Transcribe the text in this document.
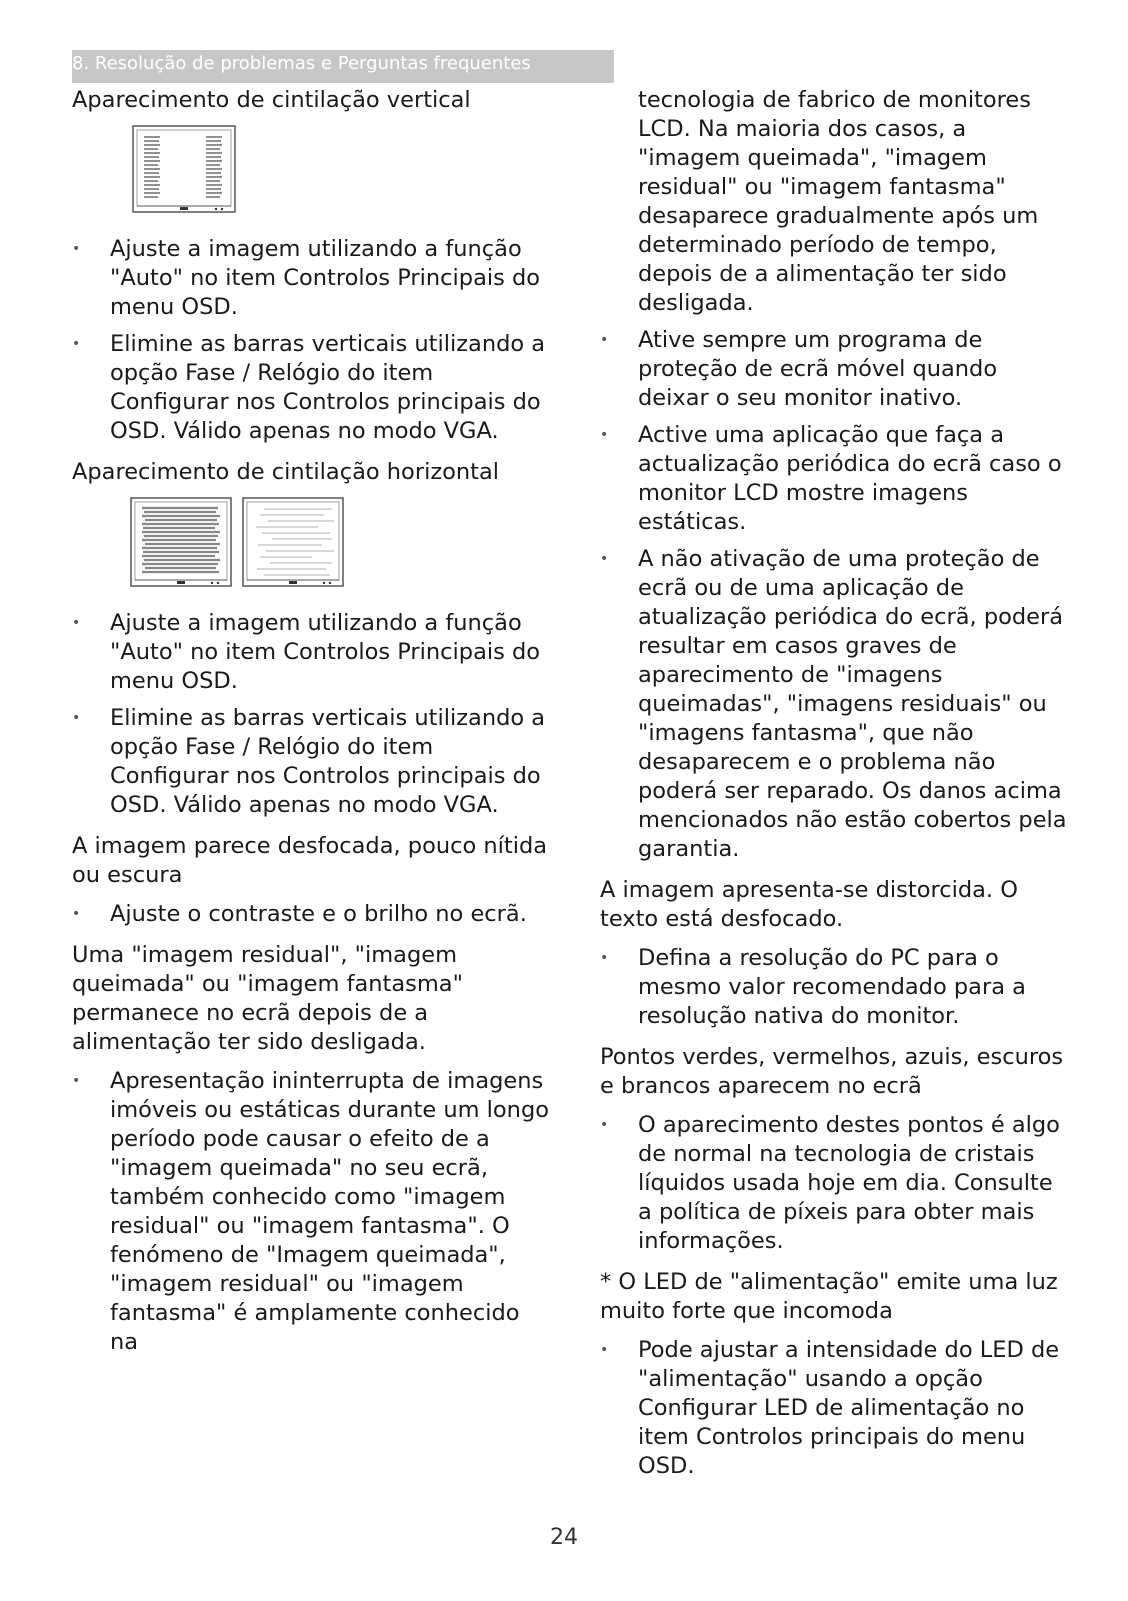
8. Resolução de problemas e Perguntas frequentes
Aparecimento de cintilação vertical
• Ajuste a imagem utilizando a função "Auto" no item Controlos Principais do menu OSD.
• Elimine as barras verticais utilizando a opção Fase / Relógio do item Configurar nos Controlos principais do OSD. Válido apenas no modo VGA.
Aparecimento de cintilação horizontal
• Ajuste a imagem utilizando a função "Auto" no item Controlos Principais do menu OSD.
• Elimine as barras verticais utilizando a opção Fase / Relógio do item Configurar nos Controlos principais do OSD. Válido apenas no modo VGA.
A imagem parece desfocada, pouco nítida ou escura
• Ajuste o contraste e o brilho no ecrã.
Uma "imagem residual", "imagem queimada" ou "imagem fantasma" permanece no ecrã depois de a alimentação ter sido desligada.
• Apresentação ininterrupta de imagens imóveis ou estáticas durante um longo período pode causar o efeito de a "imagem queimada" no seu ecrã, também conhecido como "imagem residual" ou "imagem fantasma". O fenómeno de "Imagem queimada", "imagem residual" ou "imagem fantasma" é amplamente conhecido na
tecnologia de fabrico de monitores LCD. Na maioria dos casos, a "imagem queimada", "imagem residual" ou "imagem fantasma" desaparece gradualmente após um determinado período de tempo, depois de a alimentação ter sido desligada.
• Ative sempre um programa de proteção de ecrã móvel quando deixar o seu monitor inativo.
• Active uma aplicação que faça a actualização periódica do ecrã caso o monitor LCD mostre imagens estáticas.
• A não ativação de uma proteção de ecrã ou de uma aplicação de atualização periódica do ecrã, poderá resultar em casos graves de aparecimento de "imagens queimadas", "imagens residuais" ou "imagens fantasma", que não desaparecem e o problema não poderá ser reparado. Os danos acima mencionados não estão cobertos pela garantia.
A imagem apresenta-se distorcida. O texto está desfocado.
• Defina a resolução do PC para o mesmo valor recomendado para a resolução nativa do monitor.
Pontos verdes, vermelhos, azuis, escuros e brancos aparecem no ecrã
• O aparecimento destes pontos é algo de normal na tecnologia de cristais líquidos usada hoje em dia. Consulte a política de píxeis para obter mais informações.
* O LED de "alimentação" emite uma luz muito forte que incomoda
• Pode ajustar a intensidade do LED de "alimentação" usando a opção Configurar LED de alimentação no item Controlos principais do menu OSD.
24
